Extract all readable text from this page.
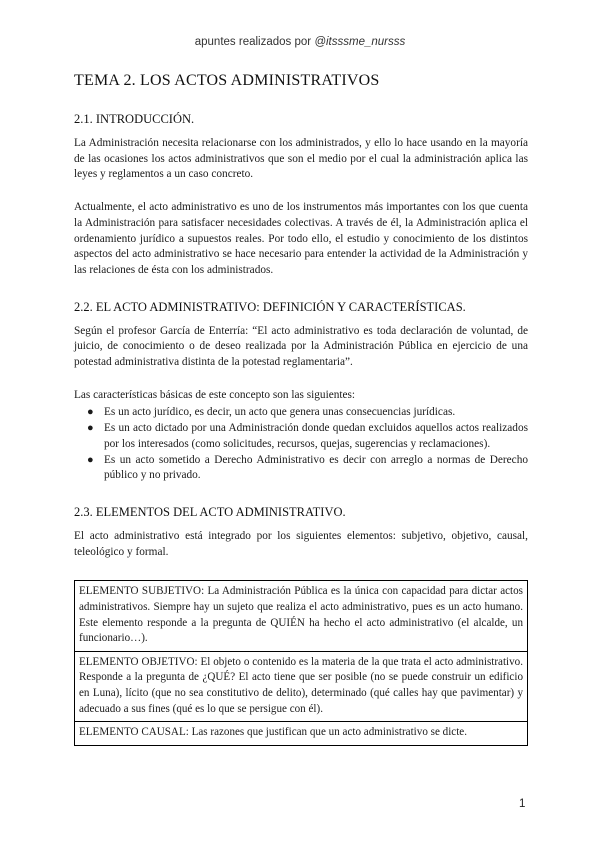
apuntes realizados por @itsssme_nursss
TEMA 2. LOS ACTOS ADMINISTRATIVOS
2.1. INTRODUCCIÓN.

La Administración necesita relacionarse con los administrados, y ello lo hace usando en la mayoría de las ocasiones los actos administrativos que son el medio por el cual la administración aplica las leyes y reglamentos a un caso concreto.

Actualmente, el acto administrativo es uno de los instrumentos más importantes con los que cuenta la Administración para satisfacer necesidades colectivas. A través de él, la Administración aplica el ordenamiento jurídico a supuestos reales. Por todo ello, el estudio y conocimiento de los distintos aspectos del acto administrativo se hace necesario para entender la actividad de la Administración y las relaciones de ésta con los administrados.

2.2. EL ACTO ADMINISTRATIVO: DEFINICIÓN Y CARACTERÍSTICAS.

Según el profesor García de Enterría: “El acto administrativo es toda declaración de voluntad, de juicio, de conocimiento o de deseo realizada por la Administración Pública en ejercicio de una potestad administrativa distinta de la potestad reglamentaria”.

Las características básicas de este concepto son las siguientes:

● Es un acto jurídico, es decir, un acto que genera unas consecuencias jurídicas.
● Es un acto dictado por una Administración donde quedan excluidos aquellos actos realizados por los interesados (como solicitudes, recursos, quejas, sugerencias y reclamaciones).
● Es un acto sometido a Derecho Administrativo es decir con arreglo a normas de Derecho público y no privado.
2.3. ELEMENTOS DEL ACTO ADMINISTRATIVO.

El acto administrativo está integrado por los siguientes elementos: subjetivo, objetivo, causal, teleológico y formal.

ELEMENTO SUBJETIVO: La Administración Pública es la única con capacidad para dictar actos administrativos. Siempre hay un sujeto que realiza el acto administrativo, pues es un acto humano. Este elemento responde a la pregunta de QUIÉN ha hecho el acto administrativo (el alcalde, un funcionario…).
ELEMENTO OBJETIVO: El objeto o contenido es la materia de la que trata el acto administrativo. Responde a la pregunta de ¿QUÉ? El acto tiene que ser posible (no se puede construir un edificio en Luna), lícito (que no sea constitutivo de delito), determinado (qué calles hay que pavimentar) y adecuado a sus fines (qué es lo que se persigue con él).
ELEMENTO CAUSAL: Las razones que justifican que un acto administrativo se dicte.
1
